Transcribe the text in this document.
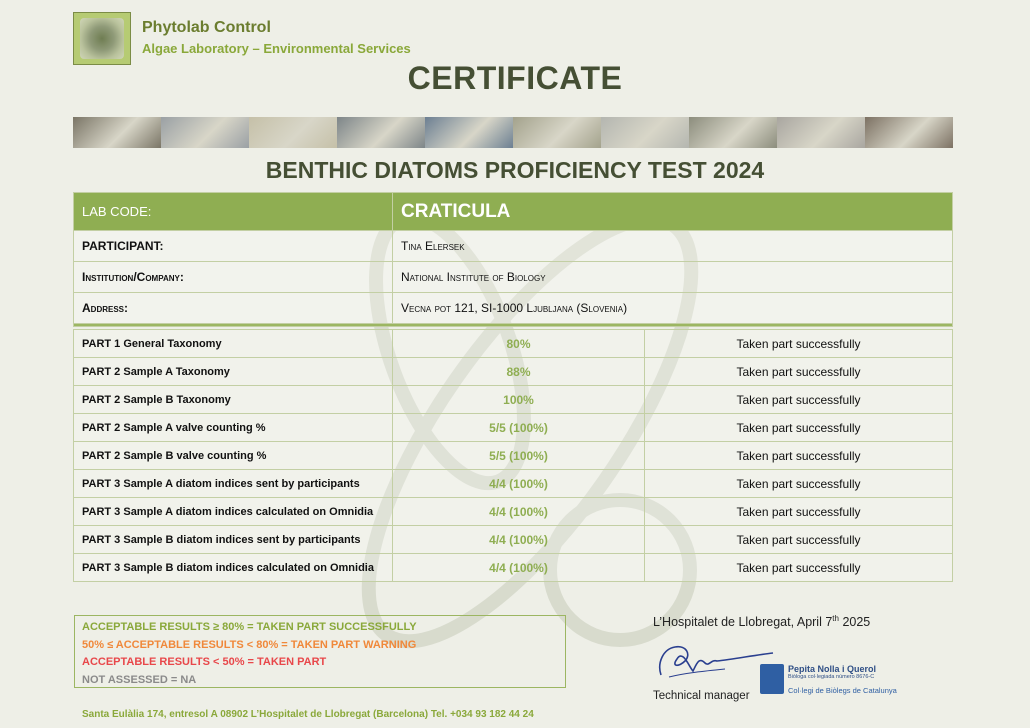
Phytolab Control
Algae Laboratory – Environmental Services
CERTIFICATE
BENTHIC DIATOMS PROFICIENCY TEST 2024
LAB CODE:	CRATICULA
PARTICIPANT:	Tina Elersek
Institution/Company:	National Institute of Biology
Address:	Vecna pot 121, SI-1000 Ljubljana (Slovenia)

PART 1 General Taxonomy	80%	Taken part successfully
PART 2 Sample A Taxonomy	88%	Taken part successfully
PART 2 Sample B Taxonomy	100%	Taken part successfully
PART 2 Sample A valve counting %	5/5 (100%)	Taken part successfully
PART 2 Sample B valve counting %	5/5 (100%)	Taken part successfully
PART 3 Sample A diatom indices sent by participants	4/4 (100%)	Taken part successfully
PART 3 Sample A diatom indices calculated on Omnidia	4/4 (100%)	Taken part successfully
PART 3 Sample B diatom indices sent by participants	4/4 (100%)	Taken part successfully
PART 3 Sample B diatom indices calculated on Omnidia	4/4 (100%)	Taken part successfully
ACCEPTABLE RESULTS ≥ 80% = TAKEN PART SUCCESSFULLY
50% ≤ ACCEPTABLE RESULTS < 80% = TAKEN PART WARNING
ACCEPTABLE RESULTS < 50% = TAKEN PART
NOT ASSESSED = NA
L’Hospitalet de Llobregat, April 7th 2025
Technical manager
Pepita Nolla i Querol
Biòloga col·legiada número 8676-C
Col·legi de Biòlegs de Catalunya
Santa Eulàlia 174, entresol A 08902 L’Hospitalet de Llobregat (Barcelona) Tel. +034 93 182 44 24
